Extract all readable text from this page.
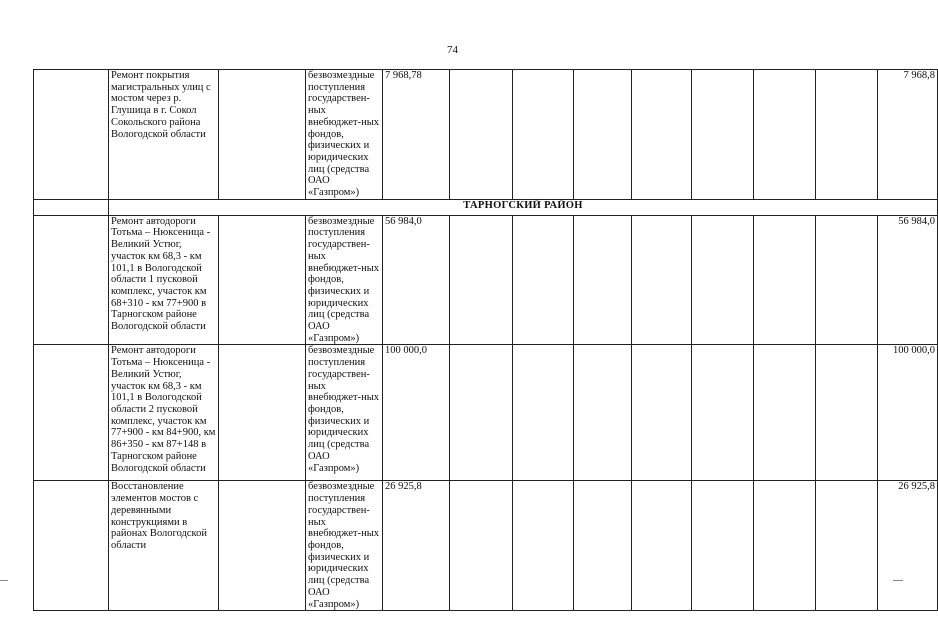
74
	Ремонт покрытия магистральных улиц с мостом через р. Глушица в г. Сокол Сокольского района Вологодской области		безвозмездные поступления государствен-ных внебюджет-ных фондов, физических и юридических лиц (средства ОАО «Газпром»)	7 968,78								7 968,8
	ТАРНОГСКИЙ РАЙОН											
	Ремонт автодороги Тотьма – Нюксеница - Великий Устюг, участок км 68,3 - км 101,1 в Вологодской области 1 пусковой комплекс, участок км 68+310 - км 77+900 в Тарногском районе Вологодской области		безвозмездные поступления государствен-ных внебюджет-ных фондов, физических и юридических лиц (средства ОАО «Газпром»)	56 984,0								56 984,0
	Ремонт автодороги Тотьма – Нюксеница - Великий Устюг, участок км 68,3 - км 101,1 в Вологодской области 2 пусковой комплекс, участок км 77+900 - км 84+900, км 86+350 - км 87+148 в Тарногском районе Вологодской области		безвозмездные поступления государствен-ных внебюджет-ных фондов, физических и юридических лиц (средства ОАО «Газпром»)	100 000,0								100 000,0
	Восстановление элементов мостов с деревянными конструкциями в районах Вологодской области		безвозмездные поступления государствен-ных внебюджет-ных фондов, физических и юридических лиц (средства ОАО «Газпром»)	26 925,8								26 925,8
